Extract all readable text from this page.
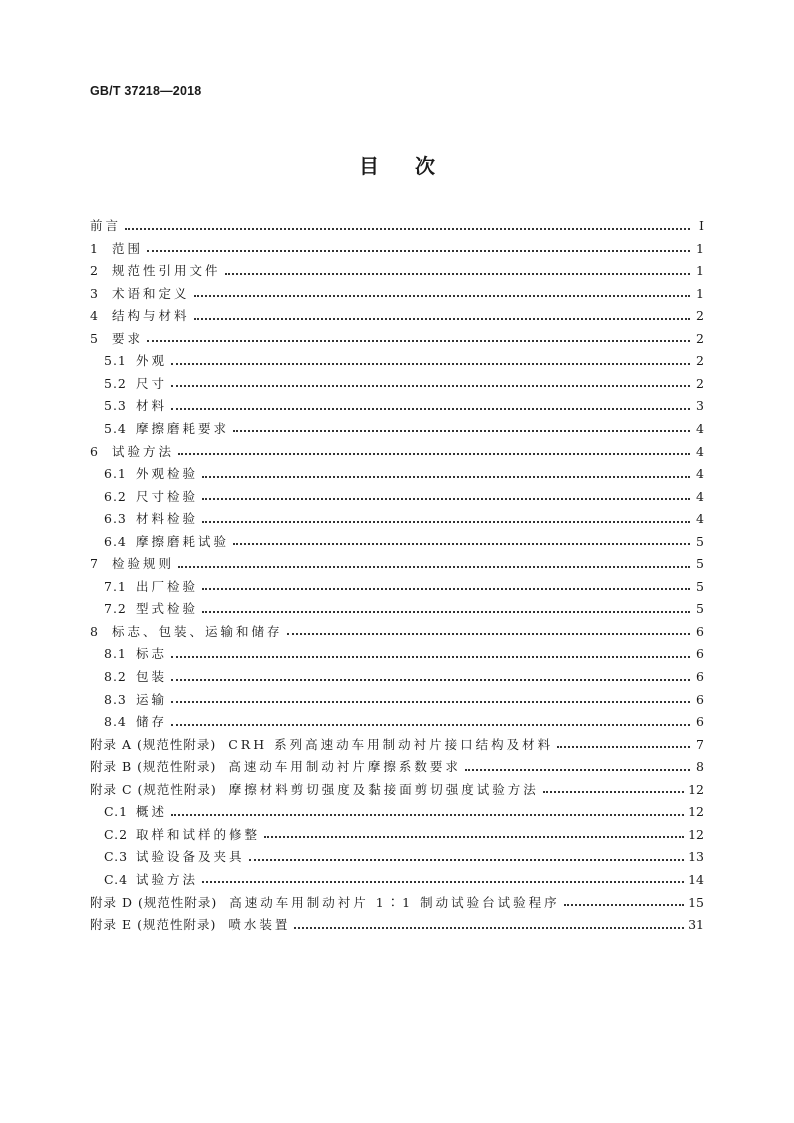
GB/T 37218—2018
目次
前言	I
1	范围	1
2	规范性引用文件	1
3	术语和定义	1
4	结构与材料	2
5	要求	2
5.1 外观	2
5.2 尺寸	2
5.3 材料	3
5.4 摩擦磨耗要求	4
6	试验方法	4
6.1 外观检验	4
6.2 尺寸检验	4
6.3 材料检验	4
6.4 摩擦磨耗试验	5
7	检验规则	5
7.1 出厂检验	5
7.2 型式检验	5
8	标志、包装、运输和储存	6
8.1 标志	6
8.2 包装	6
8.3 运输	6
8.4 储存	6
附录 A (规范性附录) CRH 系列高速动车用制动衬片接口结构及材料	7
附录 B (规范性附录) 高速动车用制动衬片摩擦系数要求	8
附录 C (规范性附录) 摩擦材料剪切强度及黏接面剪切强度试验方法	12
C.1 概述	12
C.2 取样和试样的修整	12
C.3 试验设备及夹具	13
C.4 试验方法	14
附录 D (规范性附录) 高速动车用制动衬片 1∶1 制动试验台试验程序	15
附录 E (规范性附录) 喷水装置	31
